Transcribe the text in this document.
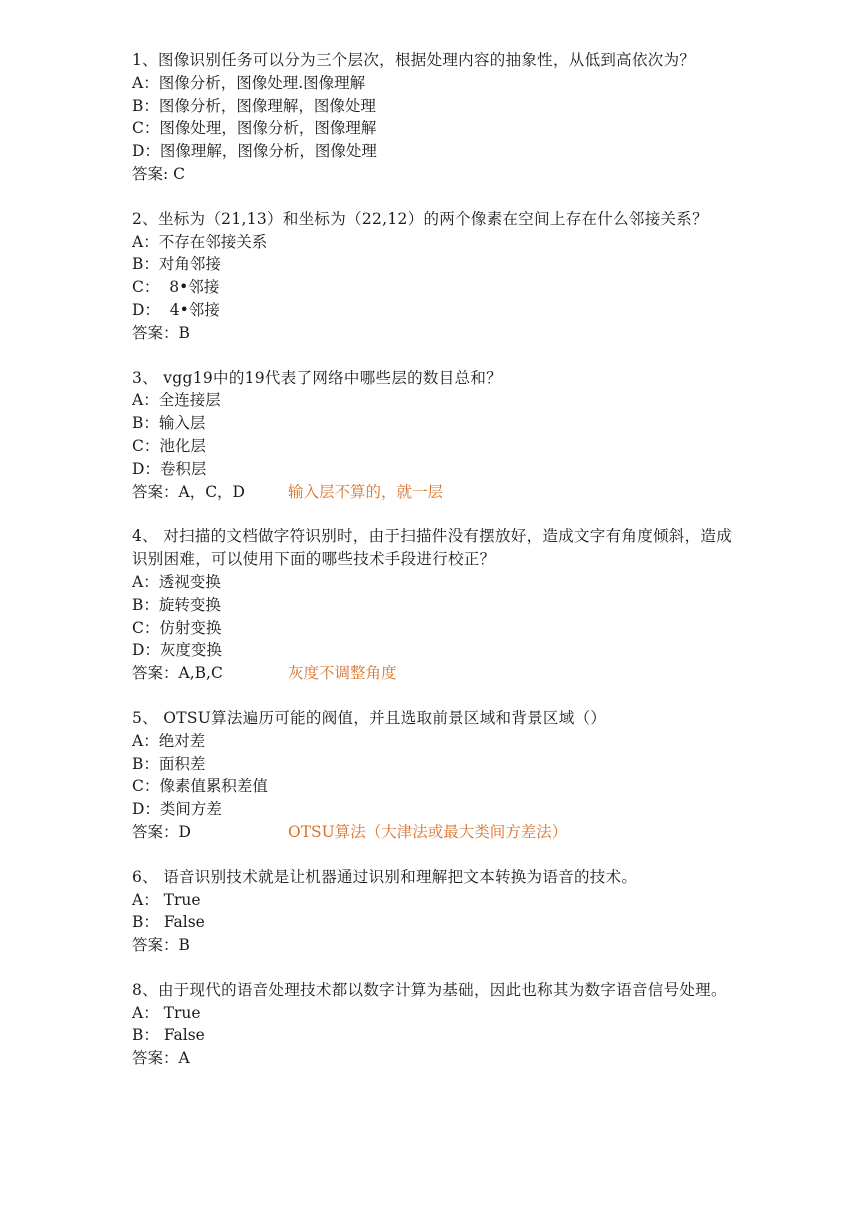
1、图像识别任务可以分为三个层次，根据处理内容的抽象性，从低到高依次为？
A：图像分析，图像处理.图像理解
B：图像分析，图像理解，图像处理
C：图像处理，图像分析，图像理解
D：图像理解，图像分析，图像处理
答案: C
2、坐标为（21,13）和坐标为（22,12）的两个像素在空间上存在什么邻接关系？
A：不存在邻接关系
B：对角邻接
C：  8•邻接
D：  4•邻接
答案：B
3、 vgg19中的19代表了网络中哪些层的数目总和？
A：全连接层
B：输入层
C：池化层
D：卷积层
答案：A，C，D	输入层不算的，就一层
4、 对扫描的文档做字符识别时，由于扫描件没有摆放好，造成文字有角度倾斜，造成识别困难，可以使用下面的哪些技术手段进行校正？
A：透视变换
B：旋转变换
C：仿射变换
D：灰度变换
答案：A,B,C	灰度不调整角度
5、 OTSU算法遍历可能的阀值，并且选取前景区域和背景区域（）
A：绝对差
B：面积差
C：像素值累积差值
D：类间方差
答案：D	OTSU算法（大津法或最大类间方差法）
6、 语音识别技术就是让机器通过识别和理解把文本转换为语音的技术。
A： True
B： False
答案：B
8、由于现代的语音处理技术都以数字计算为基础，因此也称其为数字语音信号处理。
A： True
B： False
答案：A
